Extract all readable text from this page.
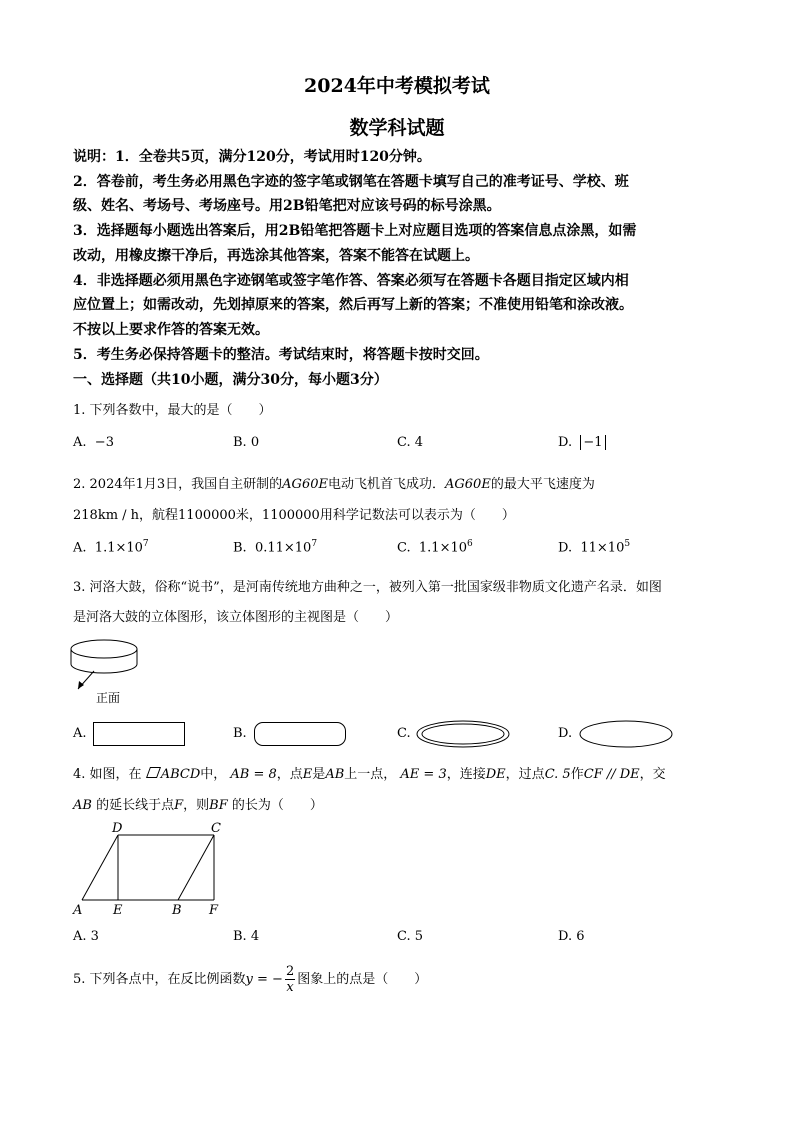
2024年中考模拟考试
数学科试题
说明：1．全卷共5页，满分120分，考试用时120分钟。
2．答卷前，考生务必用黑色字迹的签字笔或钢笔在答题卡填写自己的准考证号、学校、班
级、姓名、考场号、考场座号。用2B铅笔把对应该号码的标号涂黑。
3．选择题每小题选出答案后，用2B铅笔把答题卡上对应题目选项的答案信息点涂黑，如需
改动，用橡皮擦干净后，再选涂其他答案，答案不能答在试题上。
4．非选择题必须用黑色字迹钢笔或签字笔作答、答案必须写在答题卡各题目指定区域内相
应位置上；如需改动，先划掉原来的答案，然后再写上新的答案；不准使用铅笔和涂改液。
不按以上要求作答的答案无效。
5．考生务必保持答题卡的整洁。考试结束时，将答题卡按时交回。
一、选择题（共10小题，满分30分，每小题3分）
1. 下列各数中，最大的是（　　）
A. −3	B. 0	C. 4	D. −1
2. 2024年1月3日，我国自主研制的AG60E电动飞机首飞成功．AG60E的最大平飞速度为
218km / h，航程1100000米，1100000用科学记数法可以表示为（　　）
A. $1.1\times 10^7$	B. $0.11\times 10^7$	C. $1.1\times 10^6$	D. $11\times 10^5$
3. 河洛大鼓，俗称“说书”，是河南传统地方曲种之一，被列入第一批国家级非物质文化遗产名录．如图
是河洛大鼓的立体图形，该立体图形的主视图是（　　）
正面
A.	B.	C.	D.
4. 如图，在 ABCD中， AB = 8，点E是AB上一点， AE = 3，连接DE，过点C. 5作CF // DE，交
AB 的延长线于点F，则BF 的长为（　　）
D	C
A E	B F
A. 3	B. 4	C. 5	D. 6
5. 下列各点中，在反比例函数y = − $\frac{2}{x}$ 图象上的点是（　　）
